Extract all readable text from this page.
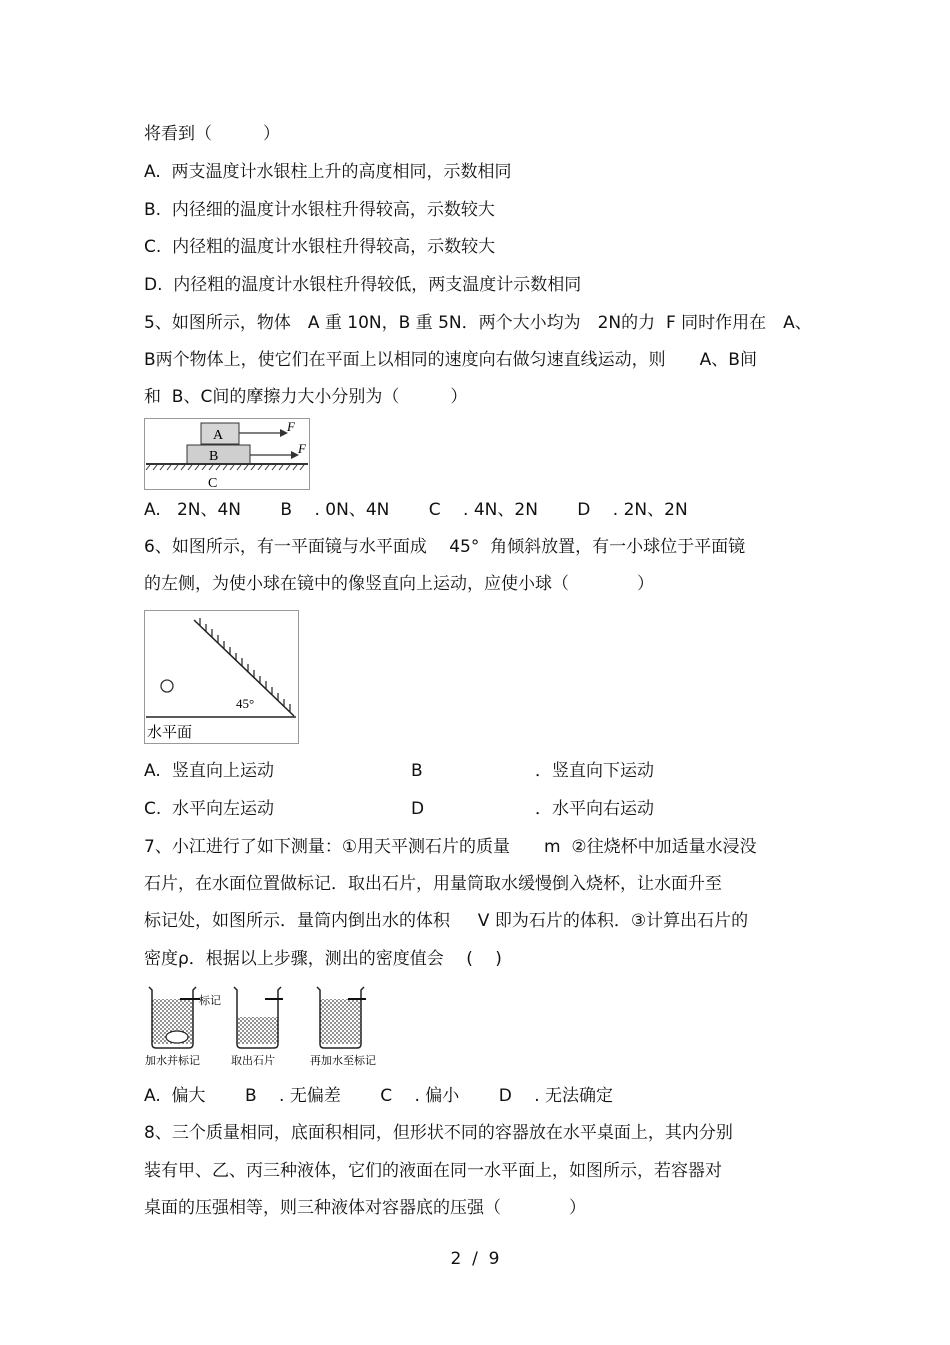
将看到（　　　）
A.  两支温度计水银柱上升的高度相同，示数相同
B.  内径细的温度计水银柱升得较高，示数较大
C.  内径粗的温度计水银柱升得较高，示数较大
D.  内径粗的温度计水银柱升得较低，两支温度计示数相同
5、如图所示，物体　A 重 10N，B 重 5N．两个大小均为　2N的力  F 同时作用在　A、
B两个物体上，使它们在平面上以相同的速度向右做匀速直线运动，则　　A、B间
和  B、C间的摩擦力大小分别为（　　　）
A
B
C
F
F
A.   2N、4N　　 B　 . 0N、4N　　 C　 . 4N、2N　　 D　 . 2N、2N
6、如图所示，有一平面镜与水平面成　 45°  角倾斜放置，有一小球位于平面镜
的左侧，为使小球在镜中的像竖直向上运动，应使小球（　　　　）
45°
水平面
A. 竖直向上运动	B	．竖直向下运动
C. 水平向左运动	D	．水平向右运动
7、小江进行了如下测量：①用天平测石片的质量　　m  ②往烧杯中加适量水浸没
石片，在水面位置做标记．取出石片，用量筒取水缓慢倒入烧杯，让水面升至
标记处，如图所示．量筒内倒出水的体积　  V 即为石片的体积．③计算出石片的
密度ρ．根据以上步骤，测出的密度值会　 (　 )
标记
加水并标记	取出石片	再加水至标记
A.  偏大　　 B　 . 无偏差　　 C　 . 偏小　　 D　 . 无法确定
8、三个质量相同，底面积相同，但形状不同的容器放在水平桌面上，其内分别
装有甲、乙、丙三种液体，它们的液面在同一水平面上，如图所示，若容器对
桌面的压强相等，则三种液体对容器底的压强（　　　　）
2  /  9
